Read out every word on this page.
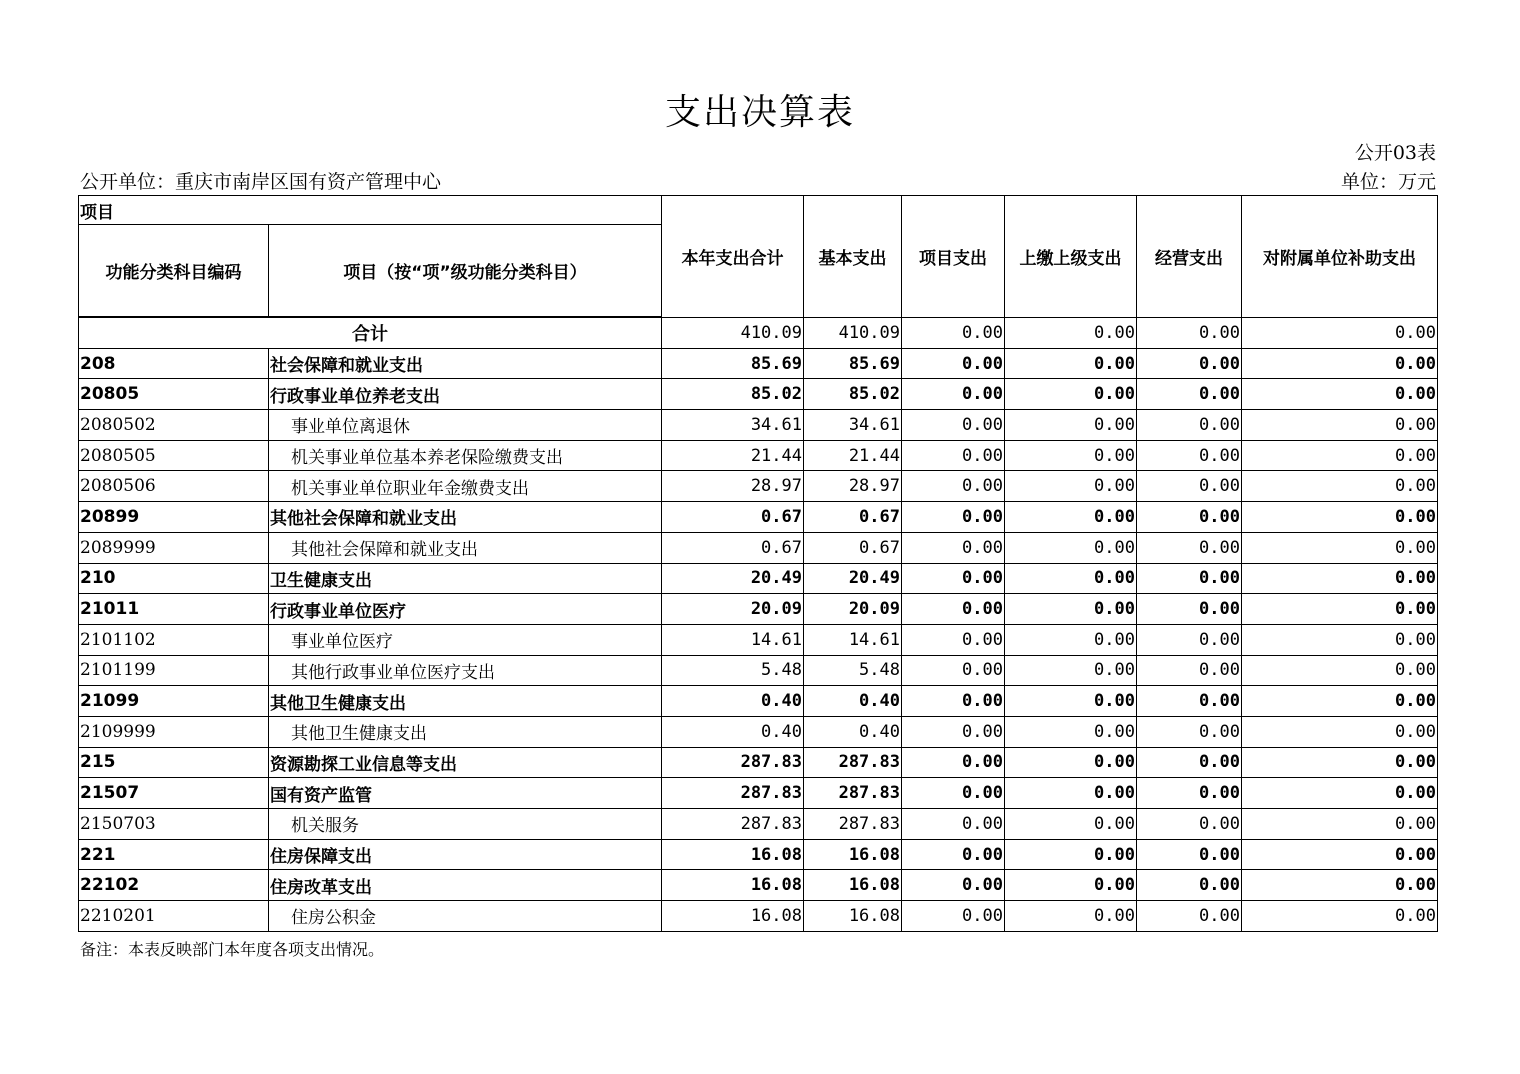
支出决算表
公开03表
公开单位：重庆市南岸区国有资产管理中心	单位：万元
项目		本年支出合计	基本支出	项目支出	上缴上级支出	经营支出	对附属单位补助支出
功能分类科目编码	项目（按“项”级功能分类科目）						

合计		410.09	410.09	0.00	0.00	0.00	0.00
208	社会保障和就业支出	85.69	85.69	0.00	0.00	0.00	0.00
20805	行政事业单位养老支出	85.02	85.02	0.00	0.00	0.00	0.00
2080502	事业单位离退休	34.61	34.61	0.00	0.00	0.00	0.00
2080505	机关事业单位基本养老保险缴费支出	21.44	21.44	0.00	0.00	0.00	0.00
2080506	机关事业单位职业年金缴费支出	28.97	28.97	0.00	0.00	0.00	0.00
20899	其他社会保障和就业支出	0.67	0.67	0.00	0.00	0.00	0.00
2089999	其他社会保障和就业支出	0.67	0.67	0.00	0.00	0.00	0.00
210	卫生健康支出	20.49	20.49	0.00	0.00	0.00	0.00
21011	行政事业单位医疗	20.09	20.09	0.00	0.00	0.00	0.00
2101102	事业单位医疗	14.61	14.61	0.00	0.00	0.00	0.00
2101199	其他行政事业单位医疗支出	5.48	5.48	0.00	0.00	0.00	0.00
21099	其他卫生健康支出	0.40	0.40	0.00	0.00	0.00	0.00
2109999	其他卫生健康支出	0.40	0.40	0.00	0.00	0.00	0.00
215	资源勘探工业信息等支出	287.83	287.83	0.00	0.00	0.00	0.00
21507	国有资产监管	287.83	287.83	0.00	0.00	0.00	0.00
2150703	机关服务	287.83	287.83	0.00	0.00	0.00	0.00
221	住房保障支出	16.08	16.08	0.00	0.00	0.00	0.00
22102	住房改革支出	16.08	16.08	0.00	0.00	0.00	0.00
2210201	住房公积金	16.08	16.08	0.00	0.00	0.00	0.00
备注：本表反映部门本年度各项支出情况。
